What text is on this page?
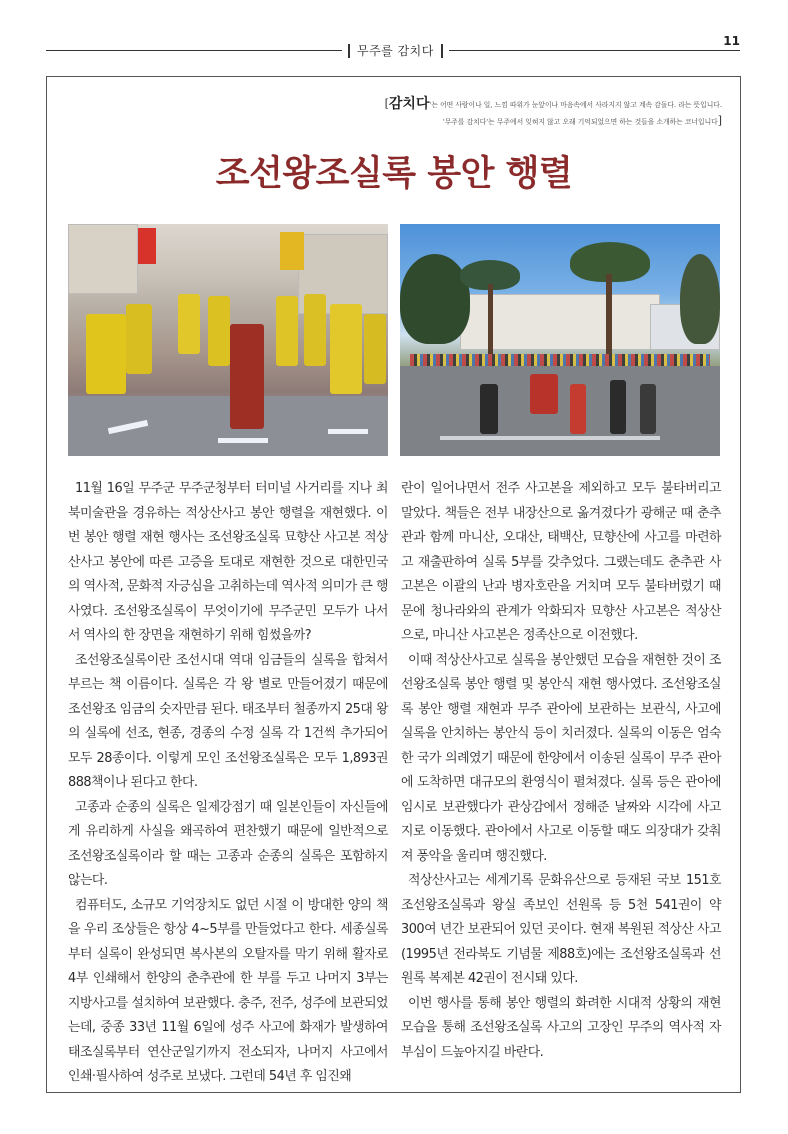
11
무주를 감치다
[감치다'는 어떤 사람이나 일, 느낌 따위가 눈앞이나 마음속에서 사라지지 않고 계속 감돌다. 라는 뜻입니다.
'무주를 감치다'는 무주에서 잊혀지 않고 오래 기억되었으면 하는 것들을 소개하는 코너입니다]
조선왕조실록 봉안 행렬

11월 16일 무주군 무주군청부터 터미널 사거리를 지나 최북미술관을 경유하는 적상산사고 봉안 행렬을 재현했다. 이번 봉안 행렬 재현 행사는 조선왕조실록 묘향산 사고본 적상산사고 봉안에 따른 고증을 토대로 재현한 것으로 대한민국의 역사적, 문화적 자긍심을 고취하는데 역사적 의미가 큰 행사였다. 조선왕조실록이 무엇이기에 무주군민 모두가 나서서 역사의 한 장면을 재현하기 위해 힘썼을까?

조선왕조실록이란 조선시대 역대 임금들의 실록을 합쳐서 부르는 책 이름이다. 실록은 각 왕 별로 만들어졌기 때문에 조선왕조 임금의 숫자만큼 된다. 태조부터 철종까지 25대 왕의 실록에 선조, 현종, 경종의 수정 실록 각 1건씩 추가되어 모두 28종이다. 이렇게 모인 조선왕조실록은 모두 1,893권 888책이나 된다고 한다.

고종과 순종의 실록은 일제강점기 때 일본인들이 자신들에게 유리하게 사실을 왜곡하여 편찬했기 때문에 일반적으로 조선왕조실록이라 할 때는 고종과 순종의 실록은 포함하지 않는다.

컴퓨터도, 소규모 기억장치도 없던 시절 이 방대한 양의 책을 우리 조상들은 항상 4~5부를 만들었다고 한다. 세종실록부터 실록이 완성되면 복사본의 오탈자를 막기 위해 활자로 4부 인쇄해서 한양의 춘추관에 한 부를 두고 나머지 3부는 지방사고를 설치하여 보관했다. 충주, 전주, 성주에 보관되었는데, 중종 33년 11월 6일에 성주 사고에 화재가 발생하여 태조실록부터 연산군일기까지 전소되자, 나머지 사고에서 인쇄·필사하여 성주로 보냈다. 그런데 54년 후 임진왜

란이 일어나면서 전주 사고본을 제외하고 모두 불타버리고 말았다. 책들은 전부 내장산으로 옮겨졌다가 광해군 때 춘추관과 함께 마니산, 오대산, 태백산, 묘향산에 사고를 마련하고 재출판하여 실록 5부를 갖추었다. 그랬는데도 춘추관 사고본은 이괄의 난과 병자호란을 거치며 모두 불타버렸기 때문에 청나라와의 관계가 악화되자 묘향산 사고본은 적상산으로, 마니산 사고본은 정족산으로 이전했다.

이때 적상산사고로 실록을 봉안했던 모습을 재현한 것이 조선왕조실록 봉안 행렬 및 봉안식 재현 행사였다. 조선왕조실록 봉안 행렬 재현과 무주 관아에 보관하는 보관식, 사고에 실록을 안치하는 봉안식 등이 치러졌다. 실록의 이동은 엄숙한 국가 의례였기 때문에 한양에서 이송된 실록이 무주 관아에 도착하면 대규모의 환영식이 펼쳐졌다. 실록 등은 관아에 임시로 보관했다가 관상감에서 정해준 날짜와 시각에 사고지로 이동했다. 관아에서 사고로 이동할 때도 의장대가 갖춰져 풍악을 울리며 행진했다.

적상산사고는 세계기록 문화유산으로 등재된 국보 151호 조선왕조실록과 왕실 족보인 선원록 등 5천 541권이 약 300여 년간 보관되어 있던 곳이다. 현재 복원된 적상산 사고(1995년 전라북도 기념물 제88호)에는 조선왕조실록과 선원록 복제본 42권이 전시돼 있다.

이번 행사를 통해 봉안 행렬의 화려한 시대적 상황의 재현 모습을 통해 조선왕조실록 사고의 고장인 무주의 역사적 자부심이 드높아지길 바란다.
